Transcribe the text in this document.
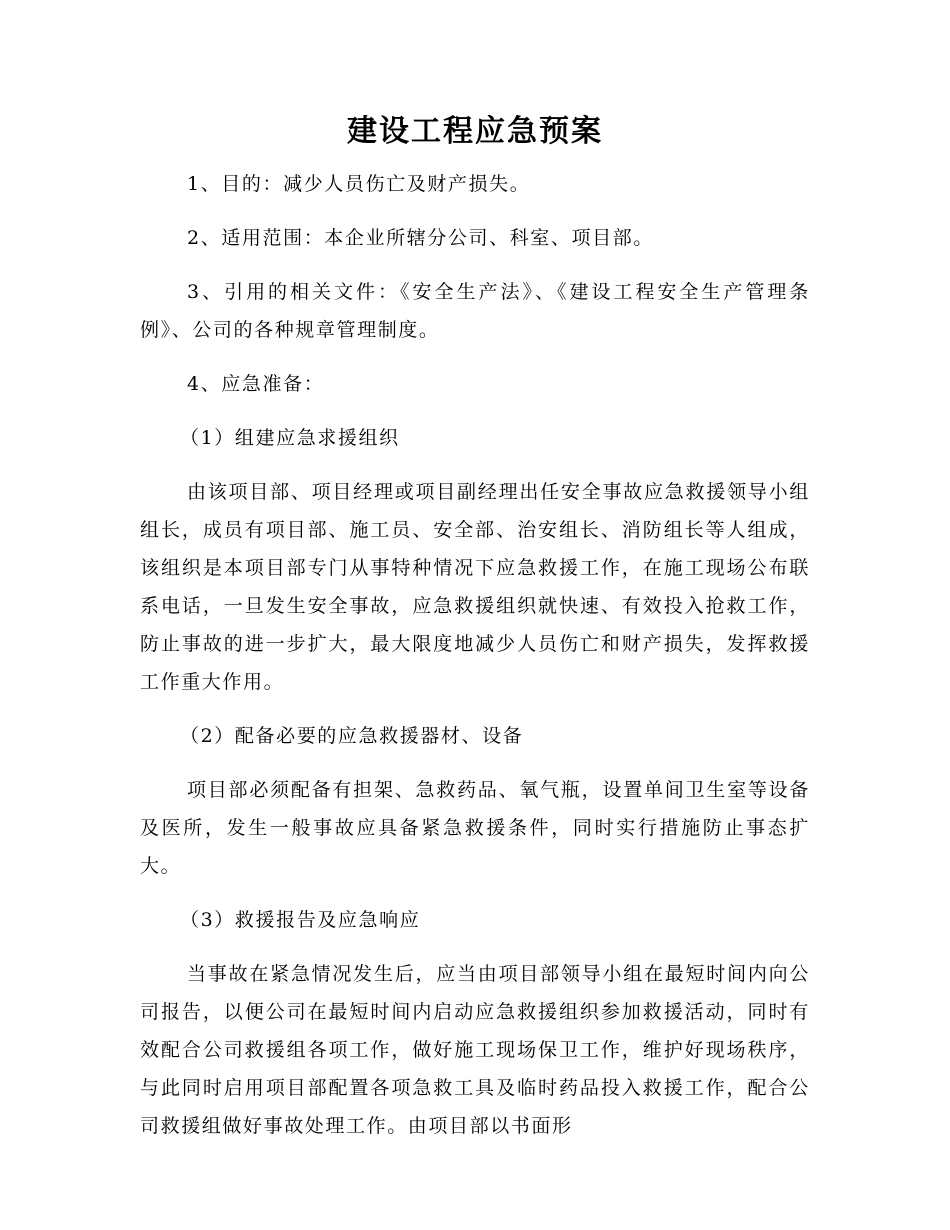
建设工程应急预案

1、目的：减少人员伤亡及财产损失。

2、适用范围：本企业所辖分公司、科室、项目部。

3、引用的相关文件：《安全生产法》、《建设工程安全生产管理条例》、公司的各种规章管理制度。

4、应急准备：

（1）组建应急求援组织

由该项目部、项目经理或项目副经理出任安全事故应急救援领导小组组长，成员有项目部、施工员、安全部、治安组长、消防组长等人组成，该组织是本项目部专门从事特种情况下应急救援工作，在施工现场公布联系电话，一旦发生安全事故，应急救援组织就快速、有效投入抢救工作，防止事故的进一步扩大，最大限度地减少人员伤亡和财产损失，发挥救援工作重大作用。

（2）配备必要的应急救援器材、设备

项目部必须配备有担架、急救药品、氧气瓶，设置单间卫生室等设备及医所，发生一般事故应具备紧急救援条件，同时实行措施防止事态扩大。

（3）救援报告及应急响应

当事故在紧急情况发生后，应当由项目部领导小组在最短时间内向公司报告，以便公司在最短时间内启动应急救援组织参加救援活动，同时有效配合公司救援组各项工作，做好施工现场保卫工作，维护好现场秩序，与此同时启用项目部配置各项急救工具及临时药品投入救援工作，配合公司救援组做好事故处理工作。由项目部以书面形
